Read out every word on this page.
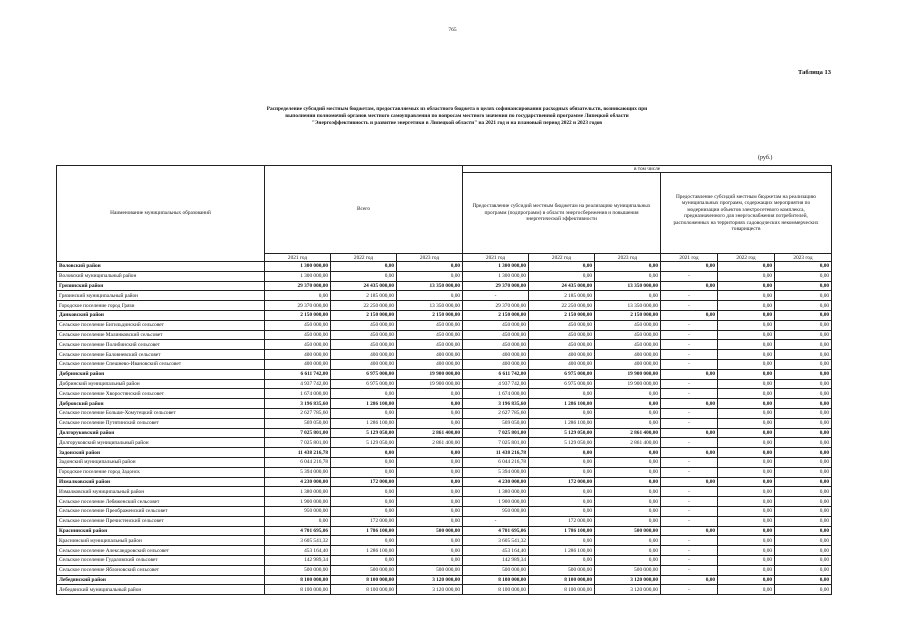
765
Таблица 13
Распределение субсидий местным бюджетам, предоставляемых из областного бюджета в целях софинансирования расходных обязательств, возникающих при выполнении полномочий органов местного самоуправления по вопросам местного значения по государственной программе Липецкой области "Энергоэффективность и развитие энергетики в Липецкой области" на 2021 год и на плановый период 2022 и 2023 годов
(руб.)
Наименование муниципальных образований	Всего			в том числе					
				Предоставление субсидий местным бюджетам на реализацию муниципальных программ (подпрограмм) в области энергосбережения и повышения энергетической эффективности			Предоставление субсидий местным бюджетам на реализацию муниципальных программ, содержащих мероприятия по модернизации объектов электросетевого комплекса, предназначенного для энергоснабжения потребителей, расположенных на территориях садоводческих некоммерческих товариществ		
	2021 год	2022 год	2023 год	2021 год	2022 год	2023 год	2021 год	2022 год	2023 год
Воловский район	1 300 000,00	0,00	0,00	1 300 000,00	0,00	0,00	0,00	0,00	0,00
Воловский муниципальный район	1 300 000,00	0,00	0,00	1 300 000,00	0,00	0,00	-	0,00	0,00
Грязинский район	29 370 000,00	24 435 000,00	13 350 000,00	29 370 000,00	24 435 000,00	13 350 000,00	0,00	0,00	0,00
Грязинский муниципальный район	0,00	2 185 000,00	0,00	-	2 185 000,00	0,00	-	0,00	0,00
Городское поселение город Грязи	29 370 000,00	22 250 000,00	13 350 000,00	29 370 000,00	22 250 000,00	13 350 000,00	-	0,00	0,00
Данковский район	2 150 000,00	2 150 000,00	2 150 000,00	2 150 000,00	2 150 000,00	2 150 000,00	0,00	0,00	0,00
Сельское поселение Бигильдинский сельсовет	450 000,00	450 000,00	450 000,00	450 000,00	450 000,00	450 000,00	-	0,00	0,00
Сельское поселение Малинковский сельсовет	450 000,00	450 000,00	450 000,00	450 000,00	450 000,00	450 000,00	-	0,00	0,00
Сельское поселение Полибинский сельсовет	450 000,00	450 000,00	450 000,00	450 000,00	450 000,00	450 000,00	-	0,00	0,00
Сельское поселение Баловневский сельсовет	400 000,00	400 000,00	400 000,00	400 000,00	400 000,00	400 000,00	-	0,00	0,00
Сельское поселение Спешнево-Ивановский сельсовет	400 000,00	400 000,00	400 000,00	400 000,00	400 000,00	400 000,00	-	0,00	0,00
Добринский район	6 611 742,00	6 975 000,00	19 900 000,00	6 611 742,00	6 975 000,00	19 900 000,00	0,00	0,00	0,00
Добринский муниципальный район	4 937 742,00	6 975 000,00	19 900 000,00	4 937 742,00	6 975 000,00	19 900 000,00	-	0,00	0,00
Сельское поселение Хворостянский сельсовет	1 674 000,00	0,00	0,00	1 674 000,00	0,00	0,00	-	0,00	0,00
Добровский район	3 196 835,60	1 286 100,00	0,00	3 196 835,60	1 286 100,00	0,00	0,00	0,00	0,00
Сельское поселение Больше-Хомутецкий сельсовет	2 627 785,60	0,00	0,00	2 627 785,60	0,00	0,00	-	0,00	0,00
Сельское поселение Путятинский сельсовет	569 050,00	1 286 100,00	0,00	569 050,00	1 286 100,00	0,00	-	0,00	0,00
Долгоруковский район	7 025 801,00	5 129 050,00	2 861 400,00	7 025 801,00	5 129 050,00	2 861 400,00	0,00	0,00	0,00
Долгоруковский муниципальный район	7 025 801,00	5 129 050,00	2 861 400,00	7 025 801,00	5 129 050,00	2 861 400,00	-	0,00	0,00
Задонский район	11 438 216,78	0,00	0,00	11 438 216,78	0,00	0,00	0,00	0,00	0,00
Задонский муниципальный район	6 044 216,78	0,00	0,00	6 044 216,78	0,00	0,00	-	0,00	0,00
Городское поселение город Задонск	5 394 000,00	0,00	0,00	5 394 000,00	0,00	0,00	-	0,00	0,00
Измалковский район	4 230 000,00	172 000,00	0,00	4 230 000,00	172 000,00	0,00	0,00	0,00	0,00
Измалковский муниципальный район	1 380 000,00	0,00	0,00	1 380 000,00	0,00	0,00	-	0,00	0,00
Сельское поселение Лебяженский сельсовет	1 900 000,00	0,00	0,00	1 900 000,00	0,00	0,00	-	0,00	0,00
Сельское поселение Преображенский сельсовет	950 000,00	0,00	0,00	950 000,00	0,00	0,00	-	0,00	0,00
Сельское поселение Пречистенский сельсовет	0,00	172 000,00	0,00	-	172 000,00	0,00	-	0,00	0,00
Краснинский район	4 701 695,06	1 786 100,00	500 000,00	4 701 695,06	1 786 100,00	500 000,00	0,00	0,00	0,00
Краснинский муниципальный район	3 605 541,32	0,00	0,00	3 605 541,32	0,00	0,00	-	0,00	0,00
Сельское поселение Александровский сельсовет	453 164,40	1 286 100,00	0,00	453 164,40	1 286 100,00	0,00	-	0,00	0,00
Сельское поселение Гудаловский сельсовет	142 989,34	0,00	0,00	142 989,34	0,00	0,00	-	0,00	0,00
Сельское поселение Яблоновский сельсовет	500 000,00	500 000,00	500 000,00	500 000,00	500 000,00	500 000,00	-	0,00	0,00
Лебедянский район	8 100 000,00	8 100 000,00	3 120 000,00	8 100 000,00	8 100 000,00	3 120 000,00	0,00	0,00	0,00
Лебедянский муниципальный район	8 100 000,00	8 100 000,00	3 120 000,00	8 100 000,00	8 100 000,00	3 120 000,00	-	0,00	0,00
